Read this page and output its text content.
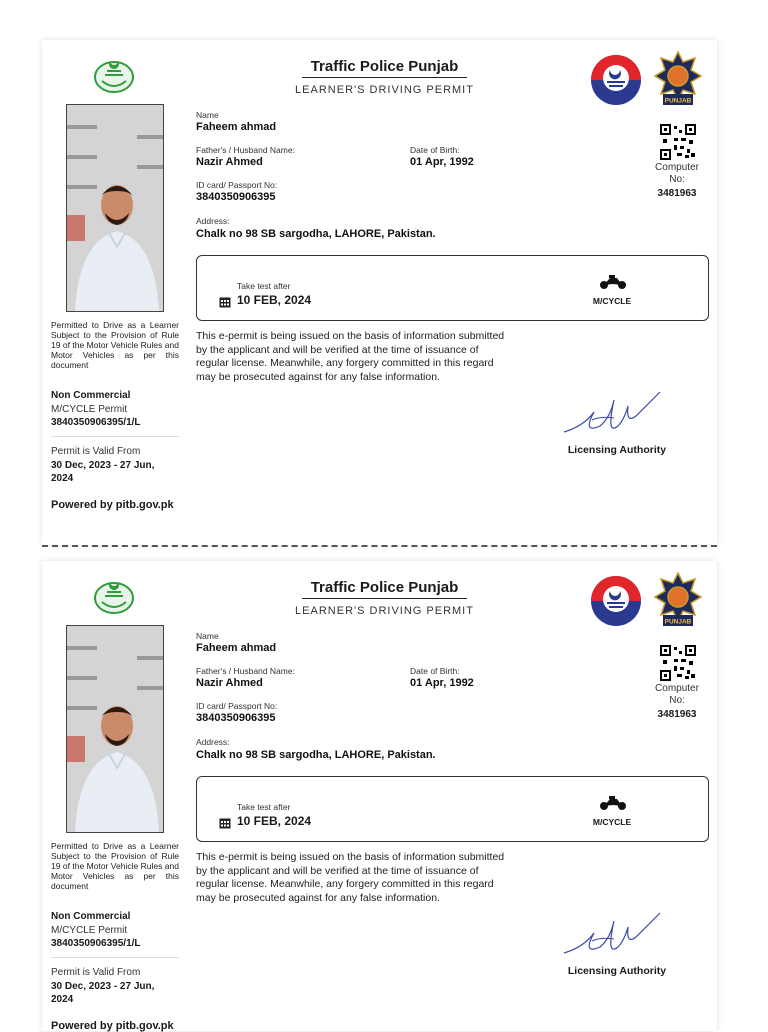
Permitted to Drive as a Learner Subject to the Provision of Rule 19 of the Motor Vehicle Rules and Motor Vehicles as per this document
Non Commercial
M/CYCLE Permit
3840350906395/1/L
Permit is Valid From
30 Dec, 2023 - 27 Jun, 2024
Powered by pitb.gov.pk
Traffic Police Punjab
LEARNER'S DRIVING PERMIT
PUNJAB
Name
Faheem ahmad
Father's / Husband Name:
Nazir Ahmed
Date of Birth:
01 Apr, 1992
ID card/ Passport No:
3840350906395
Address:
Chalk no 98 SB sargodha, LAHORE, Pakistan.
Computer No:
3481963
Take test after
10 FEB, 2024	M/CYCLE
This e-permit is being issued on the basis of information submitted by the applicant and will be verified at the time of issuance of regular license. Meanwhile, any forgery committed in this regard may be prosecuted against for any false information.
Licensing Authority
Permitted to Drive as a Learner Subject to the Provision of Rule 19 of the Motor Vehicle Rules and Motor Vehicles as per this document
Non Commercial
M/CYCLE Permit
3840350906395/1/L
Permit is Valid From
30 Dec, 2023 - 27 Jun, 2024
Powered by pitb.gov.pk
Traffic Police Punjab
LEARNER'S DRIVING PERMIT
PUNJAB
Name
Faheem ahmad
Father's / Husband Name:
Nazir Ahmed
Date of Birth:
01 Apr, 1992
ID card/ Passport No:
3840350906395
Address:
Chalk no 98 SB sargodha, LAHORE, Pakistan.
Computer No:
3481963
Take test after
10 FEB, 2024	M/CYCLE
This e-permit is being issued on the basis of information submitted by the applicant and will be verified at the time of issuance of regular license. Meanwhile, any forgery committed in this regard may be prosecuted against for any false information.
Licensing Authority
